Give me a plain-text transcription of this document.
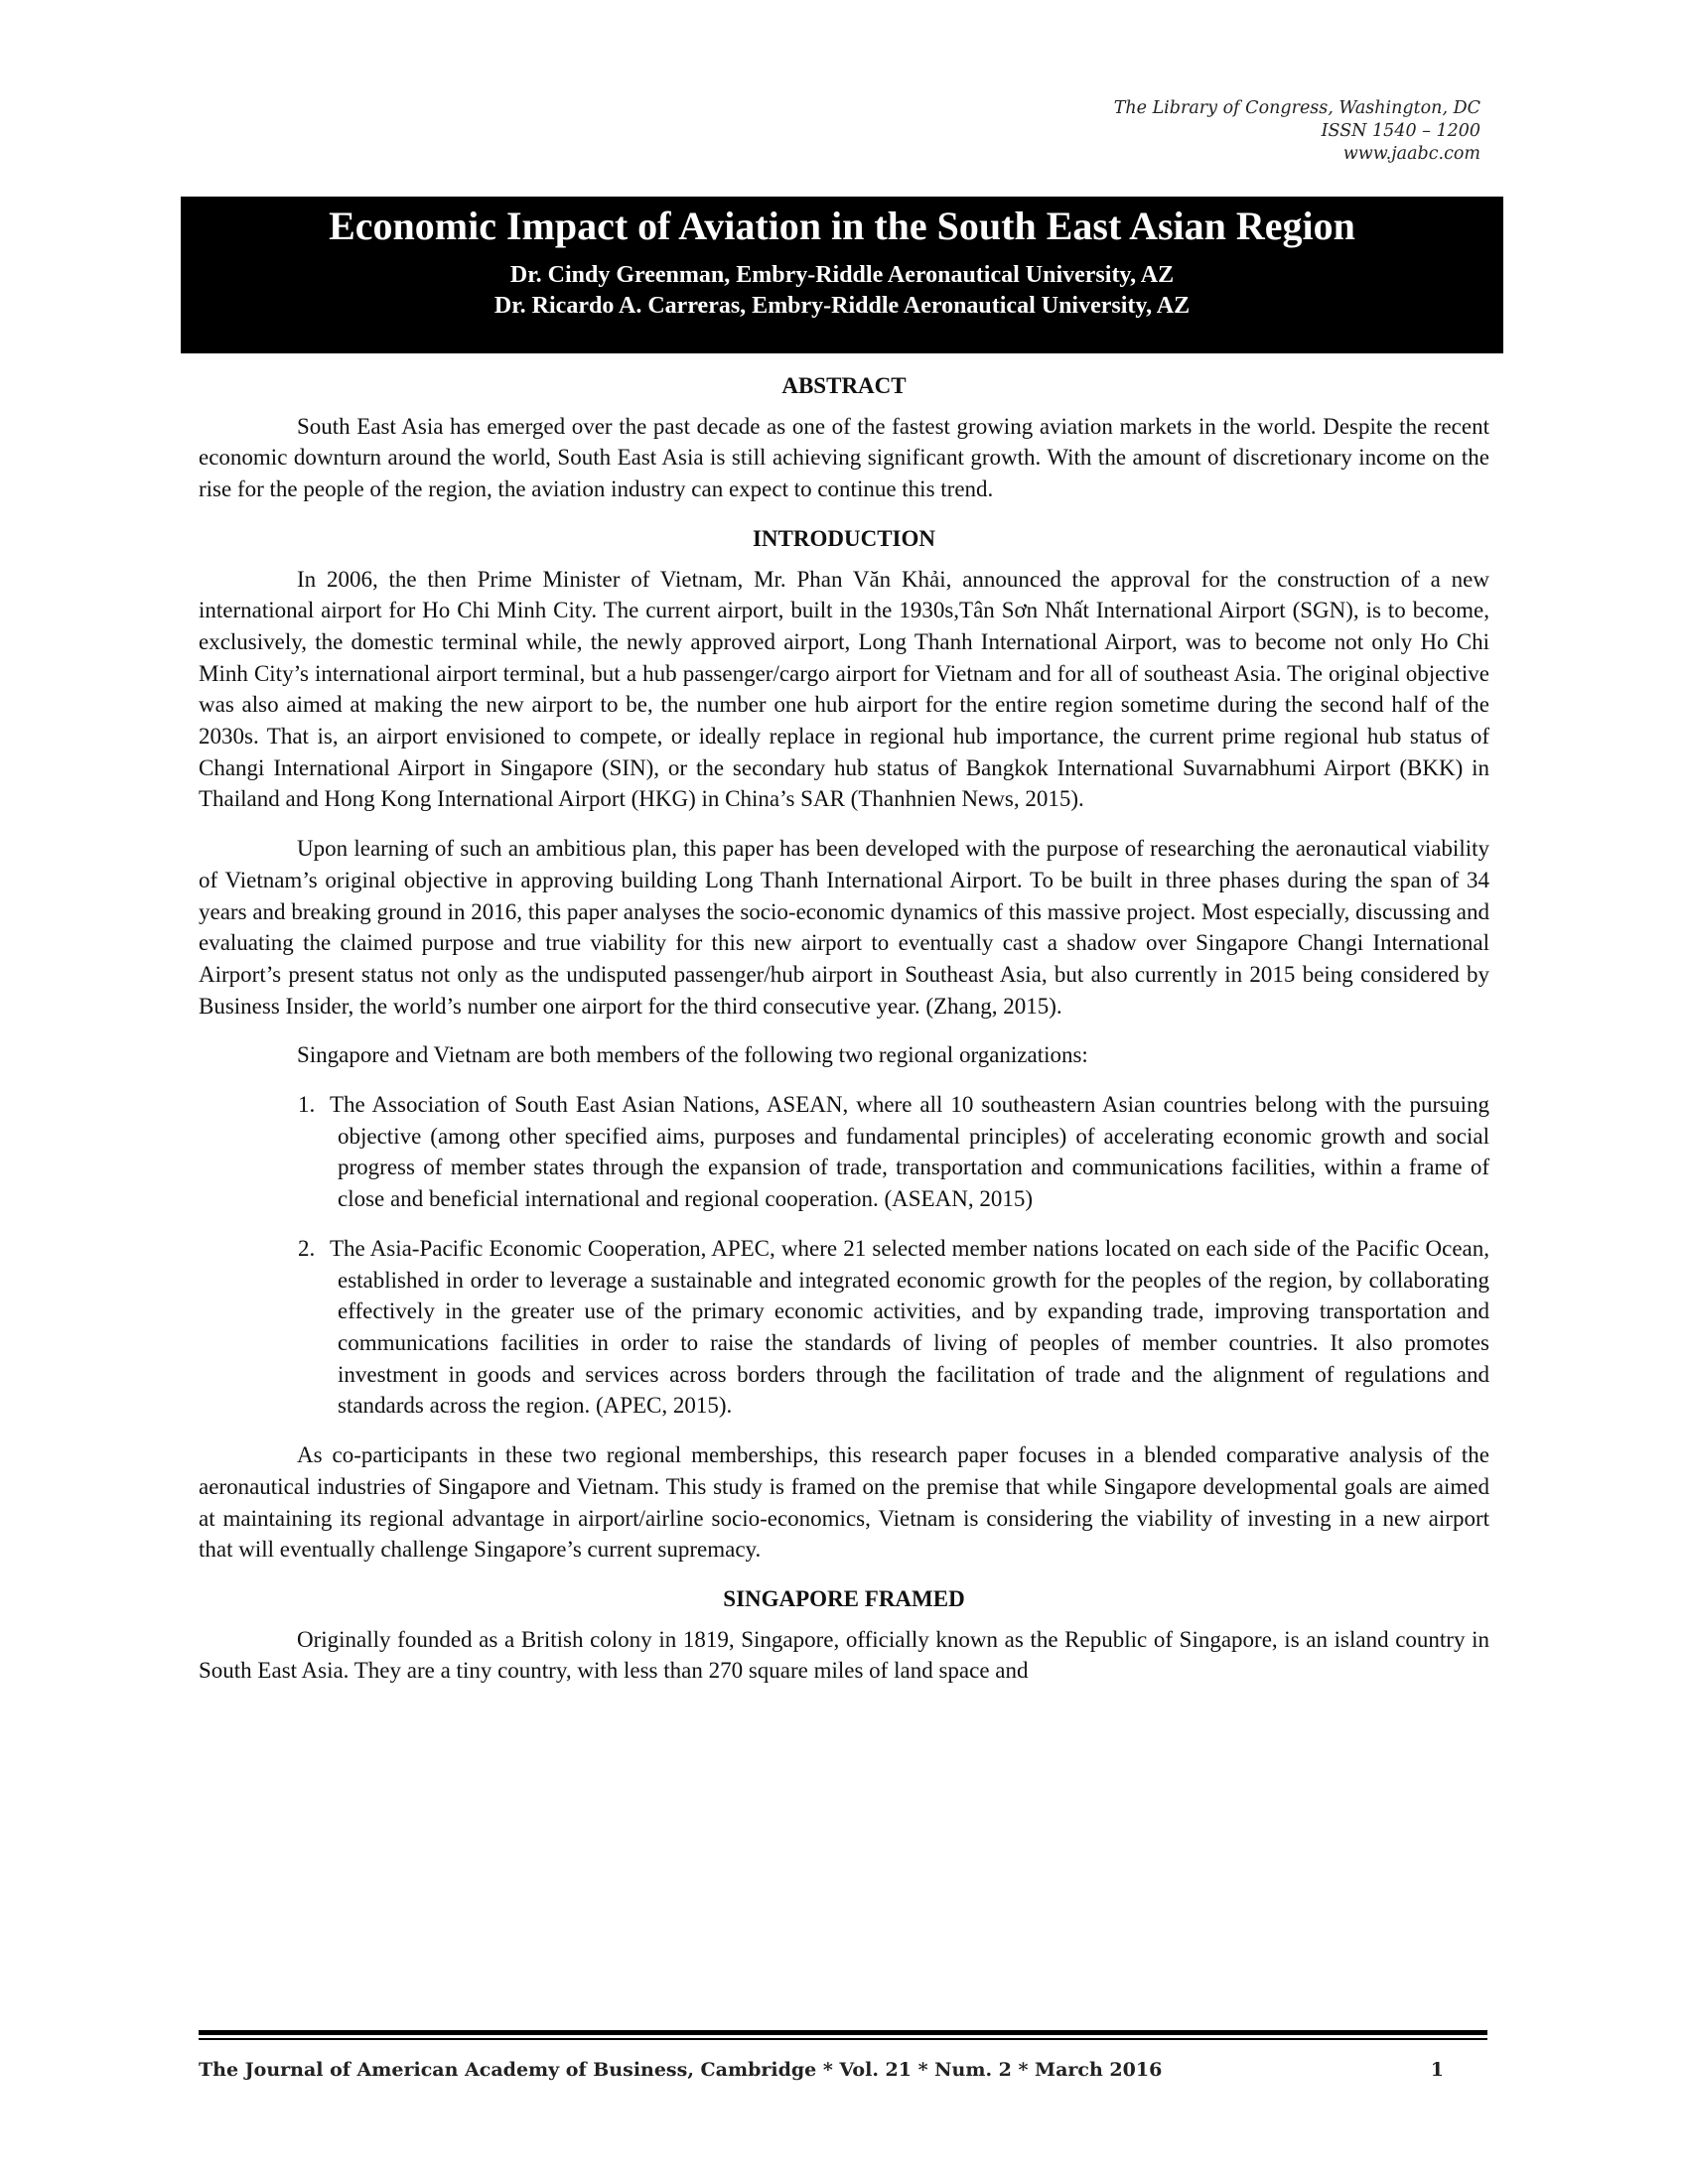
The Library of Congress, Washington, DC
ISSN 1540 – 1200
www.jaabc.com
Economic Impact of Aviation in the South East Asian Region
Dr. Cindy Greenman, Embry-Riddle Aeronautical University, AZ
Dr. Ricardo A. Carreras, Embry-Riddle Aeronautical University, AZ
ABSTRACT

South East Asia has emerged over the past decade as one of the fastest growing aviation markets in the world. Despite the recent economic downturn around the world, South East Asia is still achieving significant growth. With the amount of discretionary income on the rise for the people of the region, the aviation industry can expect to continue this trend.

INTRODUCTION

In 2006, the then Prime Minister of Vietnam, Mr. Phan Văn Khải, announced the approval for the construction of a new international airport for Ho Chi Minh City. The current airport, built in the 1930s,Tân Sơn Nhất International Airport (SGN), is to become, exclusively, the domestic terminal while, the newly approved airport, Long Thanh International Airport, was to become not only Ho Chi Minh City’s international airport terminal, but a hub passenger/cargo airport for Vietnam and for all of southeast Asia. The original objective was also aimed at making the new airport to be, the number one hub airport for the entire region sometime during the second half of the 2030s. That is, an airport envisioned to compete, or ideally replace in regional hub importance, the current prime regional hub status of Changi International Airport in Singapore (SIN), or the secondary hub status of Bangkok International Suvarnabhumi Airport (BKK) in Thailand and Hong Kong International Airport (HKG) in China’s SAR (Thanhnien News, 2015).

Upon learning of such an ambitious plan, this paper has been developed with the purpose of researching the aeronautical viability of Vietnam’s original objective in approving building Long Thanh International Airport. To be built in three phases during the span of 34 years and breaking ground in 2016, this paper analyses the socio-economic dynamics of this massive project. Most especially, discussing and evaluating the claimed purpose and true viability for this new airport to eventually cast a shadow over Singapore Changi International Airport’s present status not only as the undisputed passenger/hub airport in Southeast Asia, but also currently in 2015 being considered by Business Insider, the world’s number one airport for the third consecutive year. (Zhang, 2015).

Singapore and Vietnam are both members of the following two regional organizations:

1. The Association of South East Asian Nations, ASEAN, where all 10 southeastern Asian countries belong with the pursuing objective (among other specified aims, purposes and fundamental principles) of accelerating economic growth and social progress of member states through the expansion of trade, transportation and communications facilities, within a frame of close and beneficial international and regional cooperation. (ASEAN, 2015)
2. The Asia-Pacific Economic Cooperation, APEC, where 21 selected member nations located on each side of the Pacific Ocean, established in order to leverage a sustainable and integrated economic growth for the peoples of the region, by collaborating effectively in the greater use of the primary economic activities, and by expanding trade, improving transportation and communications facilities in order to raise the standards of living of peoples of member countries. It also promotes investment in goods and services across borders through the facilitation of trade and the alignment of regulations and standards across the region. (APEC, 2015).

As co-participants in these two regional memberships, this research paper focuses in a blended comparative analysis of the aeronautical industries of Singapore and Vietnam. This study is framed on the premise that while Singapore developmental goals are aimed at maintaining its regional advantage in airport/airline socio-economics, Vietnam is considering the viability of investing in a new airport that will eventually challenge Singapore’s current supremacy.

SINGAPORE FRAMED

Originally founded as a British colony in 1819, Singapore, officially known as the Republic of Singapore, is an island country in South East Asia. They are a tiny country, with less than 270 square miles of land space and

The Journal of American Academy of Business, Cambridge * Vol. 21 * Num. 2 * March 2016	1
